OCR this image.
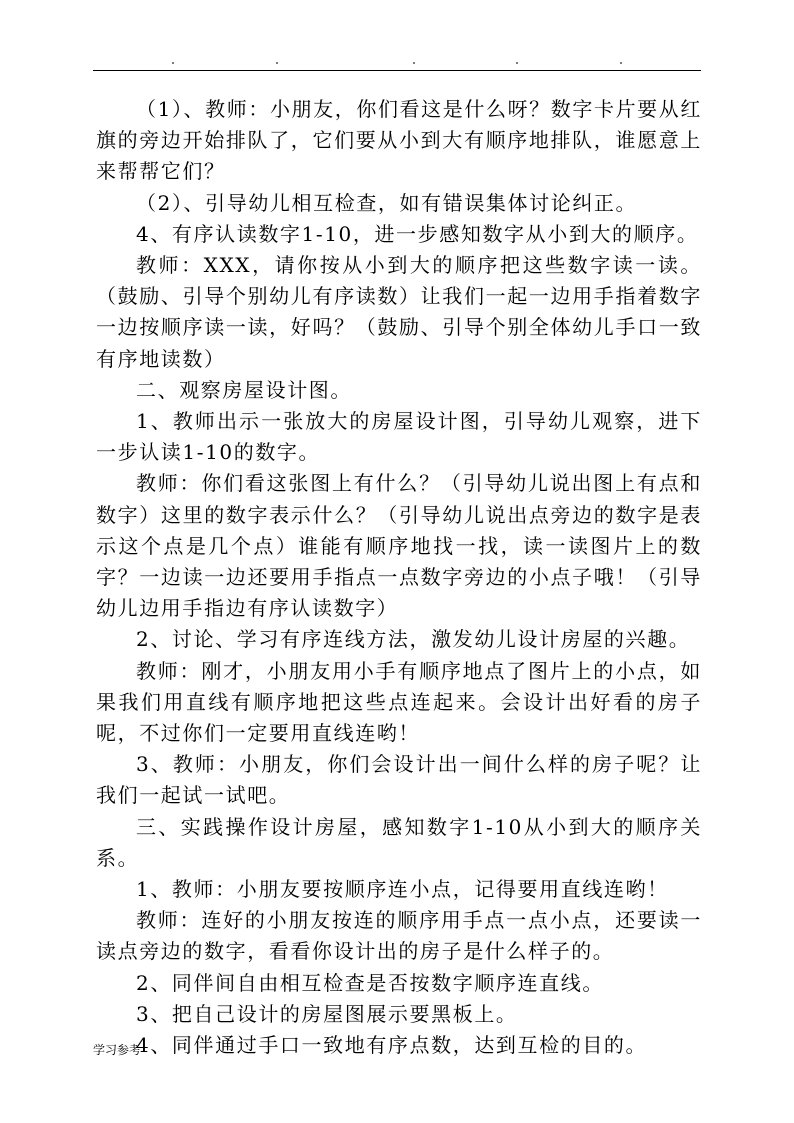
（1）、教师：小朋友，你们看这是什么呀？数字卡片要从红旗的旁边开始排队了，它们要从小到大有顺序地排队，谁愿意上来帮帮它们？

（2）、引导幼儿相互检查，如有错误集体讨论纠正。

4、有序认读数字1-10，进一步感知数字从小到大的顺序。

教师：XXX，请你按从小到大的顺序把这些数字读一读。（鼓励、引导个别幼儿有序读数）让我们一起一边用手指着数字一边按顺序读一读，好吗？（鼓励、引导个别全体幼儿手口一致有序地读数）

二、观察房屋设计图。

1、教师出示一张放大的房屋设计图，引导幼儿观察，进下一步认读1-10的数字。

教师：你们看这张图上有什么？（引导幼儿说出图上有点和数字）这里的数字表示什么？（引导幼儿说出点旁边的数字是表示这个点是几个点）谁能有顺序地找一找，读一读图片上的数字？一边读一边还要用手指点一点数字旁边的小点子哦！（引导幼儿边用手指边有序认读数字）

2、讨论、学习有序连线方法，激发幼儿设计房屋的兴趣。

教师：刚才，小朋友用小手有顺序地点了图片上的小点，如果我们用直线有顺序地把这些点连起来。会设计出好看的房子呢，不过你们一定要用直线连哟！

3、教师：小朋友，你们会设计出一间什么样的房子呢？让我们一起试一试吧。

三、实践操作设计房屋，感知数字1-10从小到大的顺序关系。

1、教师：小朋友要按顺序连小点，记得要用直线连哟！

教师：连好的小朋友按连的顺序用手点一点小点，还要读一读点旁边的数字，看看你设计出的房子是什么样子的。

2、同伴间自由相互检查是否按数字顺序连直线。

3、把自己设计的房屋图展示要黑板上。

4、同伴通过手口一致地有序点数，达到互检的目的。

学习参考
